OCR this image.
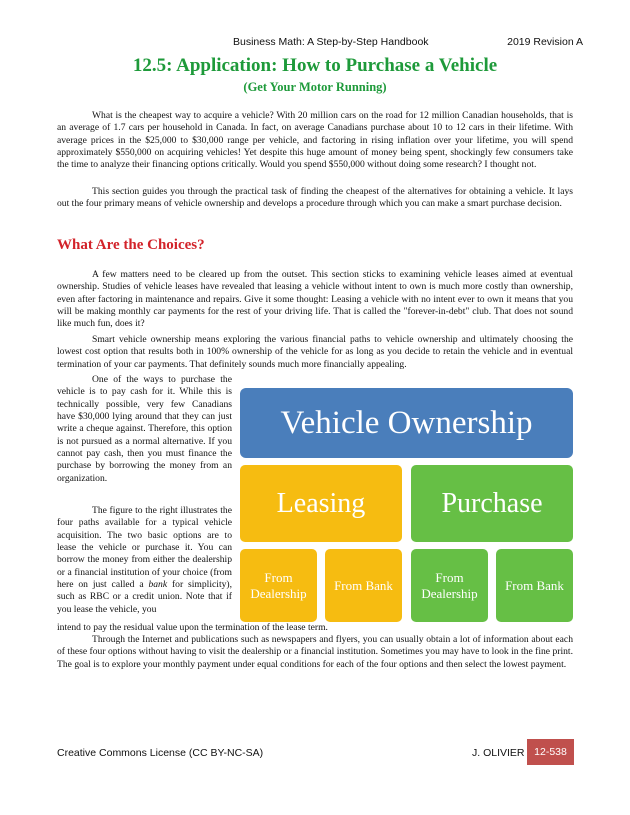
Business Math: A Step-by-Step Handbook	2019 Revision A
12.5: Application: How to Purchase a Vehicle
(Get Your Motor Running)

What is the cheapest way to acquire a vehicle? With 20 million cars on the road for 12 million Canadian households, that is an average of 1.7 cars per household in Canada. In fact, on average Canadians purchase about 10 to 12 cars in their lifetime. With average prices in the $25,000 to $30,000 range per vehicle, and factoring in rising inflation over your lifetime, you will spend approximately $550,000 on acquiring vehicles! Yet despite this huge amount of money being spent, shockingly few consumers take the time to analyze their financing options critically. Would you spend $550,000 without doing some research? I thought not.

This section guides you through the practical task of finding the cheapest of the alternatives for obtaining a vehicle. It lays out the four primary means of vehicle ownership and develops a procedure through which you can make a smart purchase decision.

What Are the Choices?

A few matters need to be cleared up from the outset. This section sticks to examining vehicle leases aimed at eventual ownership. Studies of vehicle leases have revealed that leasing a vehicle without intent to own is much more costly than ownership, even after factoring in maintenance and repairs. Give it some thought: Leasing a vehicle with no intent ever to own it means that you will be making monthly car payments for the rest of your driving life. That is called the "forever-in-debt" club. That does not sound like much fun, does it?

Smart vehicle ownership means exploring the various financial paths to vehicle ownership and ultimately choosing the lowest cost option that results both in 100% ownership of the vehicle for as long as you decide to retain the vehicle and in eventual termination of your car payments. That definitely sounds much more financially appealing.

One of the ways to purchase the vehicle is to pay cash for it. While this is technically possible, very few Canadians have $30,000 lying around that they can just write a cheque against. Therefore, this option is not pursued as a normal alternative. If you cannot pay cash, then you must finance the purchase by borrowing the money from an organization.

The figure to the right illustrates the four paths available for a typical vehicle acquisition. The two basic options are to lease the vehicle or purchase it. You can borrow the money from either the dealership or a financial institution of your choice (from here on just called a bank for simplicity), such as RBC or a credit union. Note that if you lease the vehicle, you

intend to pay the residual value upon the termination of the lease term.

Through the Internet and publications such as newspapers and flyers, you can usually obtain a lot of information about each of these four options without having to visit the dealership or a financial institution. Sometimes you may have to look in the fine print. The goal is to explore your monthly payment under equal conditions for each of the four options and then select the lowest payment.

Vehicle Ownership
Leasing	Purchase
From Dealership
From Bank
From Dealership
From Bank
Creative Commons License (CC BY-NC-SA)	J. OLIVIER 12-538
